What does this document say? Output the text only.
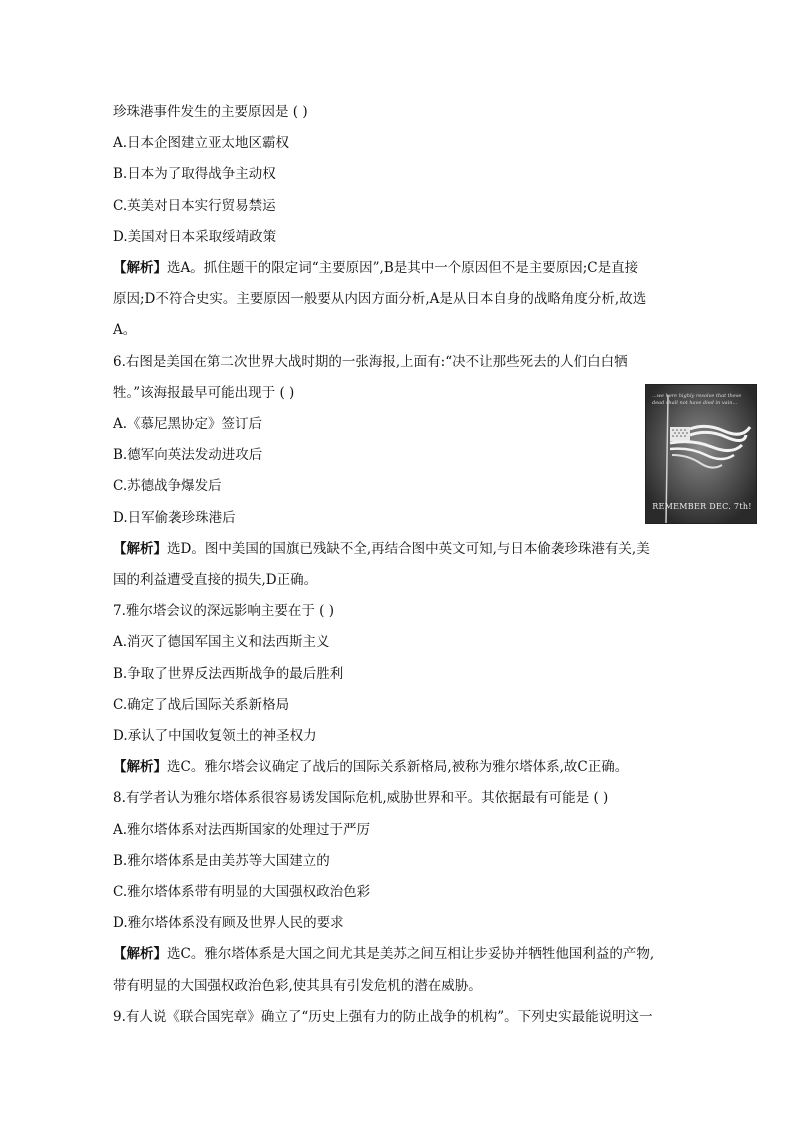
珍珠港事件发生的主要原因是 ( )
A.日本企图建立亚太地区霸权
B.日本为了取得战争主动权
C.英美对日本实行贸易禁运
D.美国对日本采取绥靖政策
【解析】选A。抓住题干的限定词“主要原因”,B是其中一个原因但不是主要原因;C是直接
原因;D不符合史实。主要原因一般要从内因方面分析,A是从日本自身的战略角度分析,故选
A。
6.右图是美国在第二次世界大战时期的一张海报,上面有:“决不让那些死去的人们白白牺
牲。”该海报最早可能出现于 ( )
A.《慕尼黑协定》签订后
B.德军向英法发动进攻后
C.苏德战争爆发后
D.日军偷袭珍珠港后
【解析】选D。图中美国的国旗已残缺不全,再结合图中英文可知,与日本偷袭珍珠港有关,美
国的利益遭受直接的损失,D正确。
7.雅尔塔会议的深远影响主要在于 ( )
A.消灭了德国军国主义和法西斯主义
B.争取了世界反法西斯战争的最后胜利
C.确定了战后国际关系新格局
D.承认了中国收复领土的神圣权力
【解析】选C。雅尔塔会议确定了战后的国际关系新格局,被称为雅尔塔体系,故C正确。
8.有学者认为雅尔塔体系很容易诱发国际危机,威胁世界和平。其依据最有可能是 ( )
A.雅尔塔体系对法西斯国家的处理过于严厉
B.雅尔塔体系是由美苏等大国建立的
C.雅尔塔体系带有明显的大国强权政治色彩
D.雅尔塔体系没有顾及世界人民的要求
【解析】选C。雅尔塔体系是大国之间尤其是美苏之间互相让步妥协并牺牲他国利益的产物,
带有明显的大国强权政治色彩,使其具有引发危机的潜在威胁。
9.有人说《联合国宪章》确立了“历史上强有力的防止战争的机构”。下列史实最能说明这一
...we here highly resolve that these dead shall not have died in vain...
REMEMBER DEC. 7th!
